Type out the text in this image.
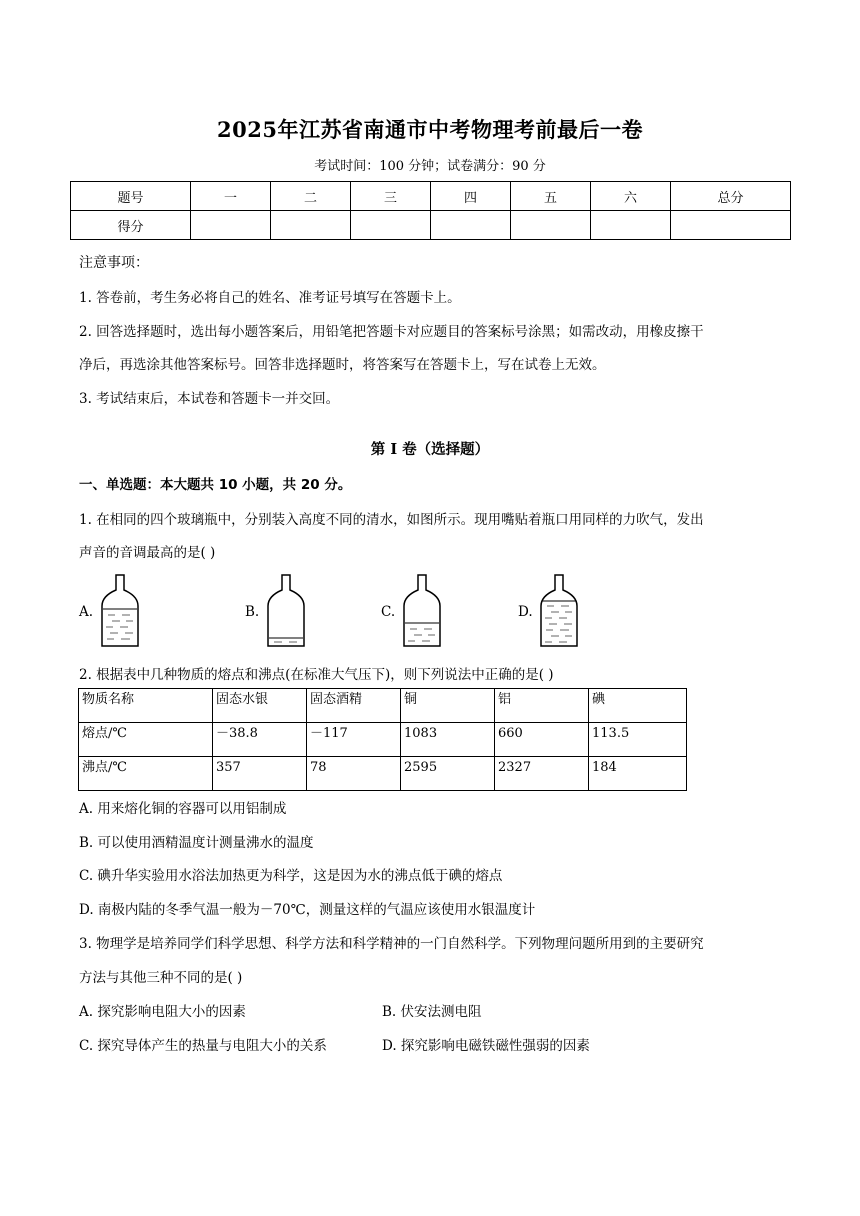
2025年江苏省南通市中考物理考前最后一卷
考试时间：100 分钟；试卷满分：90 分
题号	一	二	三	四	五	六	总分
得分							
注意事项：
1. 答卷前，考生务必将自己的姓名、准考证号填写在答题卡上。
2. 回答选择题时，选出每小题答案后，用铅笔把答题卡对应题目的答案标号涂黑；如需改动，用橡皮擦干
净后，再选涂其他答案标号。回答非选择题时，将答案写在答题卡上，写在试卷上无效。
3. 考试结束后，本试卷和答题卡一并交回。
第 I 卷（选择题）
一、单选题：本大题共 10 小题，共 20 分。
1. 在相同的四个玻璃瓶中，分别装入高度不同的清水，如图所示。现用嘴贴着瓶口用同样的力吹气，发出
声音的音调最高的是( )
A.	B.	C.	D.
2. 根据表中几种物质的熔点和沸点(在标准大气压下)，则下列说法中正确的是( )
物质名称	固态水银	固态酒精	铜	铝	碘
熔点/℃	－38.8	－117	1083	660	113.5
沸点/℃	357	78	2595	2327	184
A. 用来熔化铜的容器可以用铝制成
B. 可以使用酒精温度计测量沸水的温度
C. 碘升华实验用水浴法加热更为科学，这是因为水的沸点低于碘的熔点
D. 南极内陆的冬季气温一般为－70℃，测量这样的气温应该使用水银温度计
3. 物理学是培养同学们科学思想、科学方法和科学精神的一门自然科学。下列物理问题所用到的主要研究
方法与其他三种不同的是( )
A. 探究影响电阻大小的因素	B. 伏安法测电阻
C. 探究导体产生的热量与电阻大小的关系	D. 探究影响电磁铁磁性强弱的因素
